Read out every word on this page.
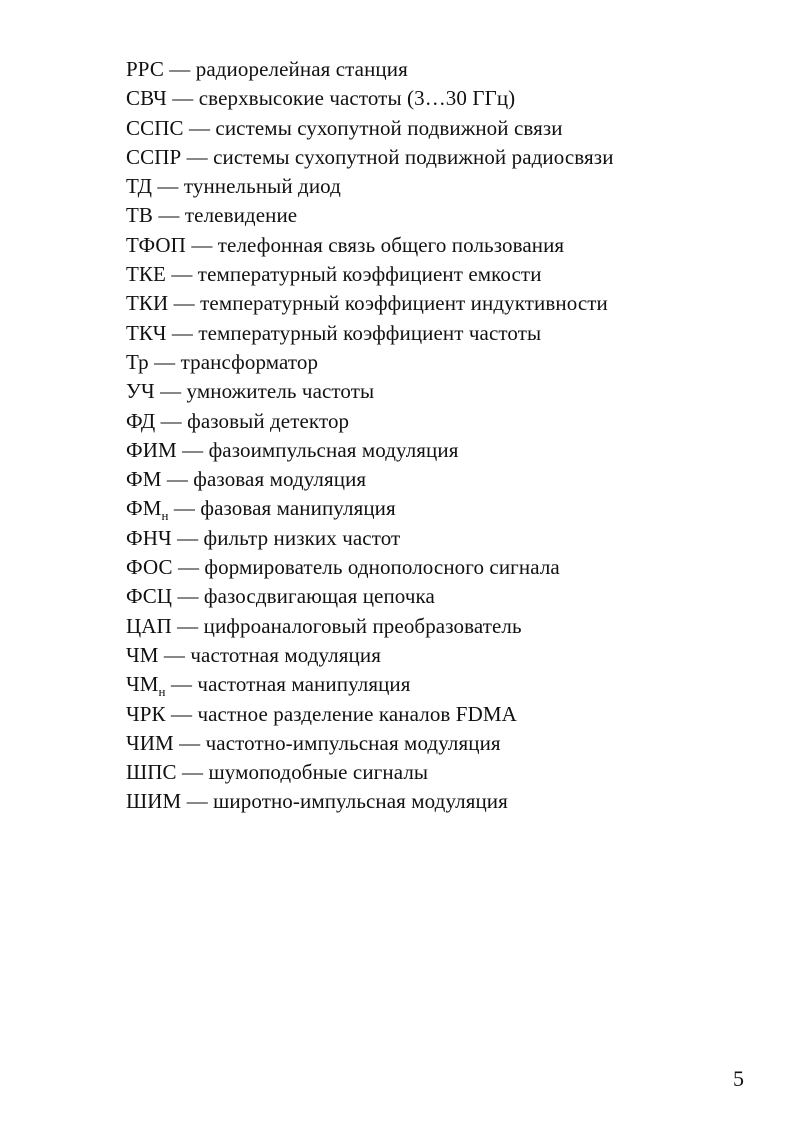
РРС — радиорелейная станция
СВЧ — сверхвысокие частоты (3…30 ГГц)
ССПС — системы сухопутной подвижной связи
ССПР — системы сухопутной подвижной радиосвязи
ТД — туннельный диод
ТВ — телевидение
ТФОП — телефонная связь общего пользования
ТКЕ — температурный коэффициент емкости
ТКИ — температурный коэффициент индуктивности
ТКЧ — температурный коэффициент частоты
Тр — трансформатор
УЧ — умножитель частоты
ФД — фазовый детектор
ФИМ — фазоимпульсная модуляция
ФМ — фазовая модуляция
$ФМ_н$ — фазовая манипуляция
ФНЧ — фильтр низких частот
ФОС — формирователь однополосного сигнала
ФСЦ — фазосдвигающая цепочка
ЦАП — цифроаналоговый преобразователь
ЧМ — частотная модуляция
$ЧМ_н$ — частотная манипуляция
ЧРК — частное разделение каналов FDMA
ЧИМ — частотно-импульсная модуляция
ШПС — шумоподобные сигналы
ШИМ — широтно-импульсная модуляция
5
